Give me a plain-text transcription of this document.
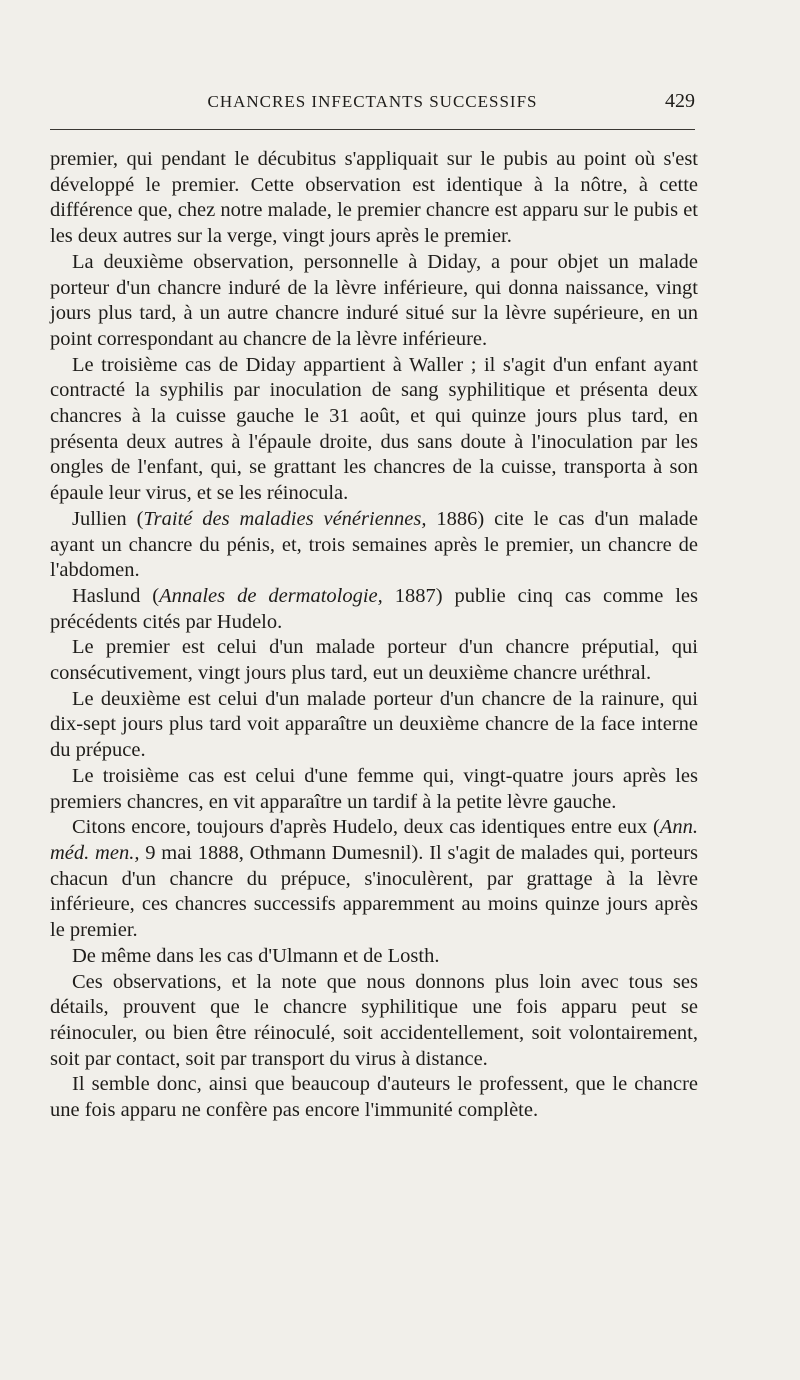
CHANCRES INFECTANTS SUCCESSIFS	429

premier, qui pendant le décubitus s'appliquait sur le pubis au point où s'est développé le premier. Cette observation est identique à la nôtre, à cette différence que, chez notre malade, le premier chancre est apparu sur le pubis et les deux autres sur la verge, vingt jours après le premier.

La deuxième observation, personnelle à Diday, a pour objet un malade porteur d'un chancre induré de la lèvre inférieure, qui donna naissance, vingt jours plus tard, à un autre chancre induré situé sur la lèvre supérieure, en un point correspondant au chancre de la lèvre inférieure.

Le troisième cas de Diday appartient à Waller ; il s'agit d'un enfant ayant contracté la syphilis par inoculation de sang syphilitique et présenta deux chancres à la cuisse gauche le 31 août, et qui quinze jours plus tard, en présenta deux autres à l'épaule droite, dus sans doute à l'inoculation par les ongles de l'enfant, qui, se grattant les chancres de la cuisse, transporta à son épaule leur virus, et se les réinocula.

Jullien (Traité des maladies vénériennes, 1886) cite le cas d'un malade ayant un chancre du pénis, et, trois semaines après le premier, un chancre de l'abdomen.

Haslund (Annales de dermatologie, 1887) publie cinq cas comme les précédents cités par Hudelo.

Le premier est celui d'un malade porteur d'un chancre préputial, qui consécutivement, vingt jours plus tard, eut un deuxième chancre uréthral.

Le deuxième est celui d'un malade porteur d'un chancre de la rainure, qui dix-sept jours plus tard voit apparaître un deuxième chancre de la face interne du prépuce.

Le troisième cas est celui d'une femme qui, vingt-quatre jours après les premiers chancres, en vit apparaître un tardif à la petite lèvre gauche.

Citons encore, toujours d'après Hudelo, deux cas identiques entre eux (Ann. méd. men., 9 mai 1888, Othmann Dumesnil). Il s'agit de malades qui, porteurs chacun d'un chancre du prépuce, s'inoculèrent, par grattage à la lèvre inférieure, ces chancres successifs apparemment au moins quinze jours après le premier.

De même dans les cas d'Ulmann et de Losth.

Ces observations, et la note que nous donnons plus loin avec tous ses détails, prouvent que le chancre syphilitique une fois apparu peut se réinoculer, ou bien être réinoculé, soit accidentellement, soit volontairement, soit par contact, soit par transport du virus à distance.

Il semble donc, ainsi que beaucoup d'auteurs le professent, que le chancre une fois apparu ne confère pas encore l'immunité complète.
